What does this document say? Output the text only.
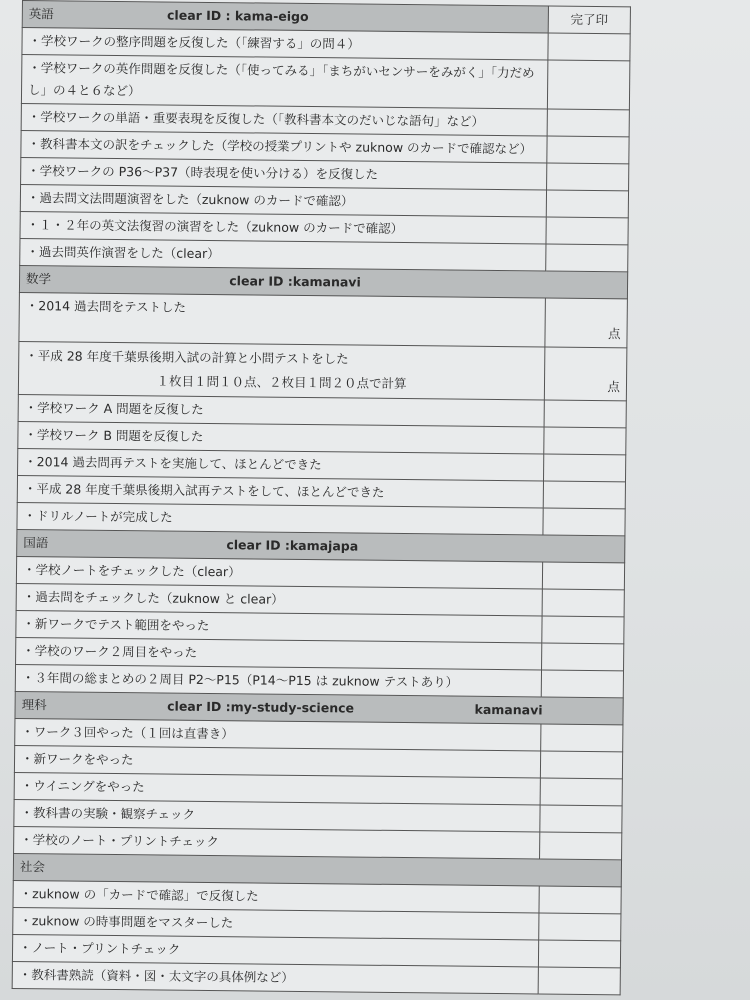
英語 clear ID : kama-eigo	完了印
・学校ワークの整序問題を反復した（「練習する」の問４）	
・学校ワークの英作問題を反復した（「使ってみる」「まちがいセンサーをみがく」「力だめし」の４と６など）	
・学校ワークの単語・重要表現を反復した（「教科書本文のだいじな語句」など）	
・教科書本文の訳をチェックした（学校の授業プリントや zuknow のカードで確認など）	
・学校ワークの P36〜P37（時表現を使い分ける）を反復した	
・過去問文法問題演習をした（zuknow のカードで確認）	
・１・２年の英文法復習の演習をした（zuknow のカードで確認）	
・過去問英作演習をした（clear）	
数学 clear ID :kamanavi	
・2014 過去問をテストした	点

・平成 28 年度千葉県後期入試の計算と小問テストをした
１枚目１問１０点、２枚目１問２０点で計算	点
・学校ワーク A 問題を反復した	
・学校ワーク B 問題を反復した	
・2014 過去問再テストを実施して、ほとんどできた	
・平成 28 年度千葉県後期入試再テストをして、ほとんどできた	
・ドリルノートが完成した	
国語 clear ID :kamajapa	
・学校ノートをチェックした（clear）	
・過去問をチェックした（zuknow と clear）	
・新ワークでテスト範囲をやった	
・学校のワーク２周目をやった	
・３年間の総まとめの２周目 P2〜P15（P14〜P15 は zuknow テストあり）	
理科 clear ID :my-study-science kamanavi	
・ワーク３回やった（１回は直書き）	
・新ワークをやった	
・ウイニングをやった	
・教科書の実験・観察チェック	
・学校のノート・プリントチェック	
社会	
・zuknow の「カードで確認」で反復した	
・zuknow の時事問題をマスターした	
・ノート・プリントチェック	
・教科書熟読（資料・図・太文字の具体例など）	
